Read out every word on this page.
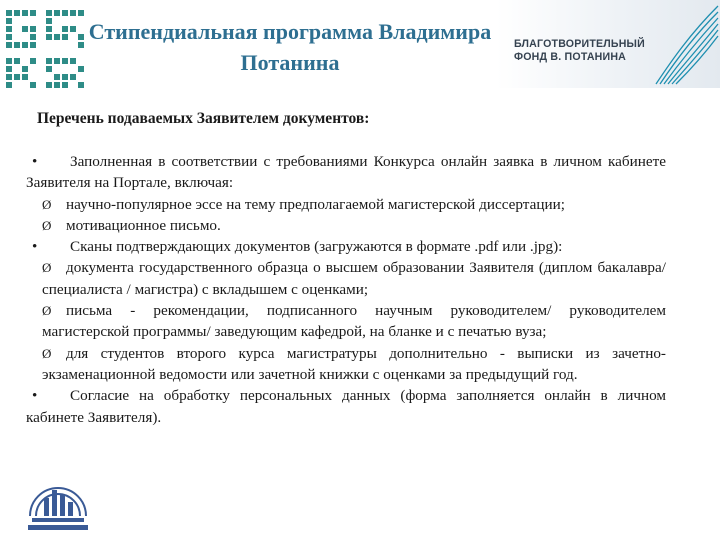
Стипендиальная программа Владимира Потанина
БЛАГОТВОРИТЕЛЬНЫЙ
ФОНД В. ПОТАНИНА
Перечень подаваемых Заявителем документов:

• Заполненная в соответствии с требованиями Конкурса онлайн заявка в личном кабинете Заявителя на Портале, включая:

Ø научно-популярное эссе на тему предполагаемой магистерской диссертации;

Ø мотивационное письмо.

• Сканы подтверждающих документов (загружаются в формате .pdf или .jpg):

Ø документа государственного образца о высшем образовании Заявителя (диплом бакалавра/ специалиста / магистра) с вкладышем с оценками;

Ø письма - рекомендации, подписанного научным руководителем/ руководителем магистерской программы/ заведующим кафедрой, на бланке и с печатью вуза;

Ø для студентов второго курса магистратуры дополнительно - выписки из зачетно-экзаменационной ведомости или зачетной книжки с оценками за предыдущий год.

• Согласие на обработку персональных данных (форма заполняется онлайн в личном кабинете Заявителя).
